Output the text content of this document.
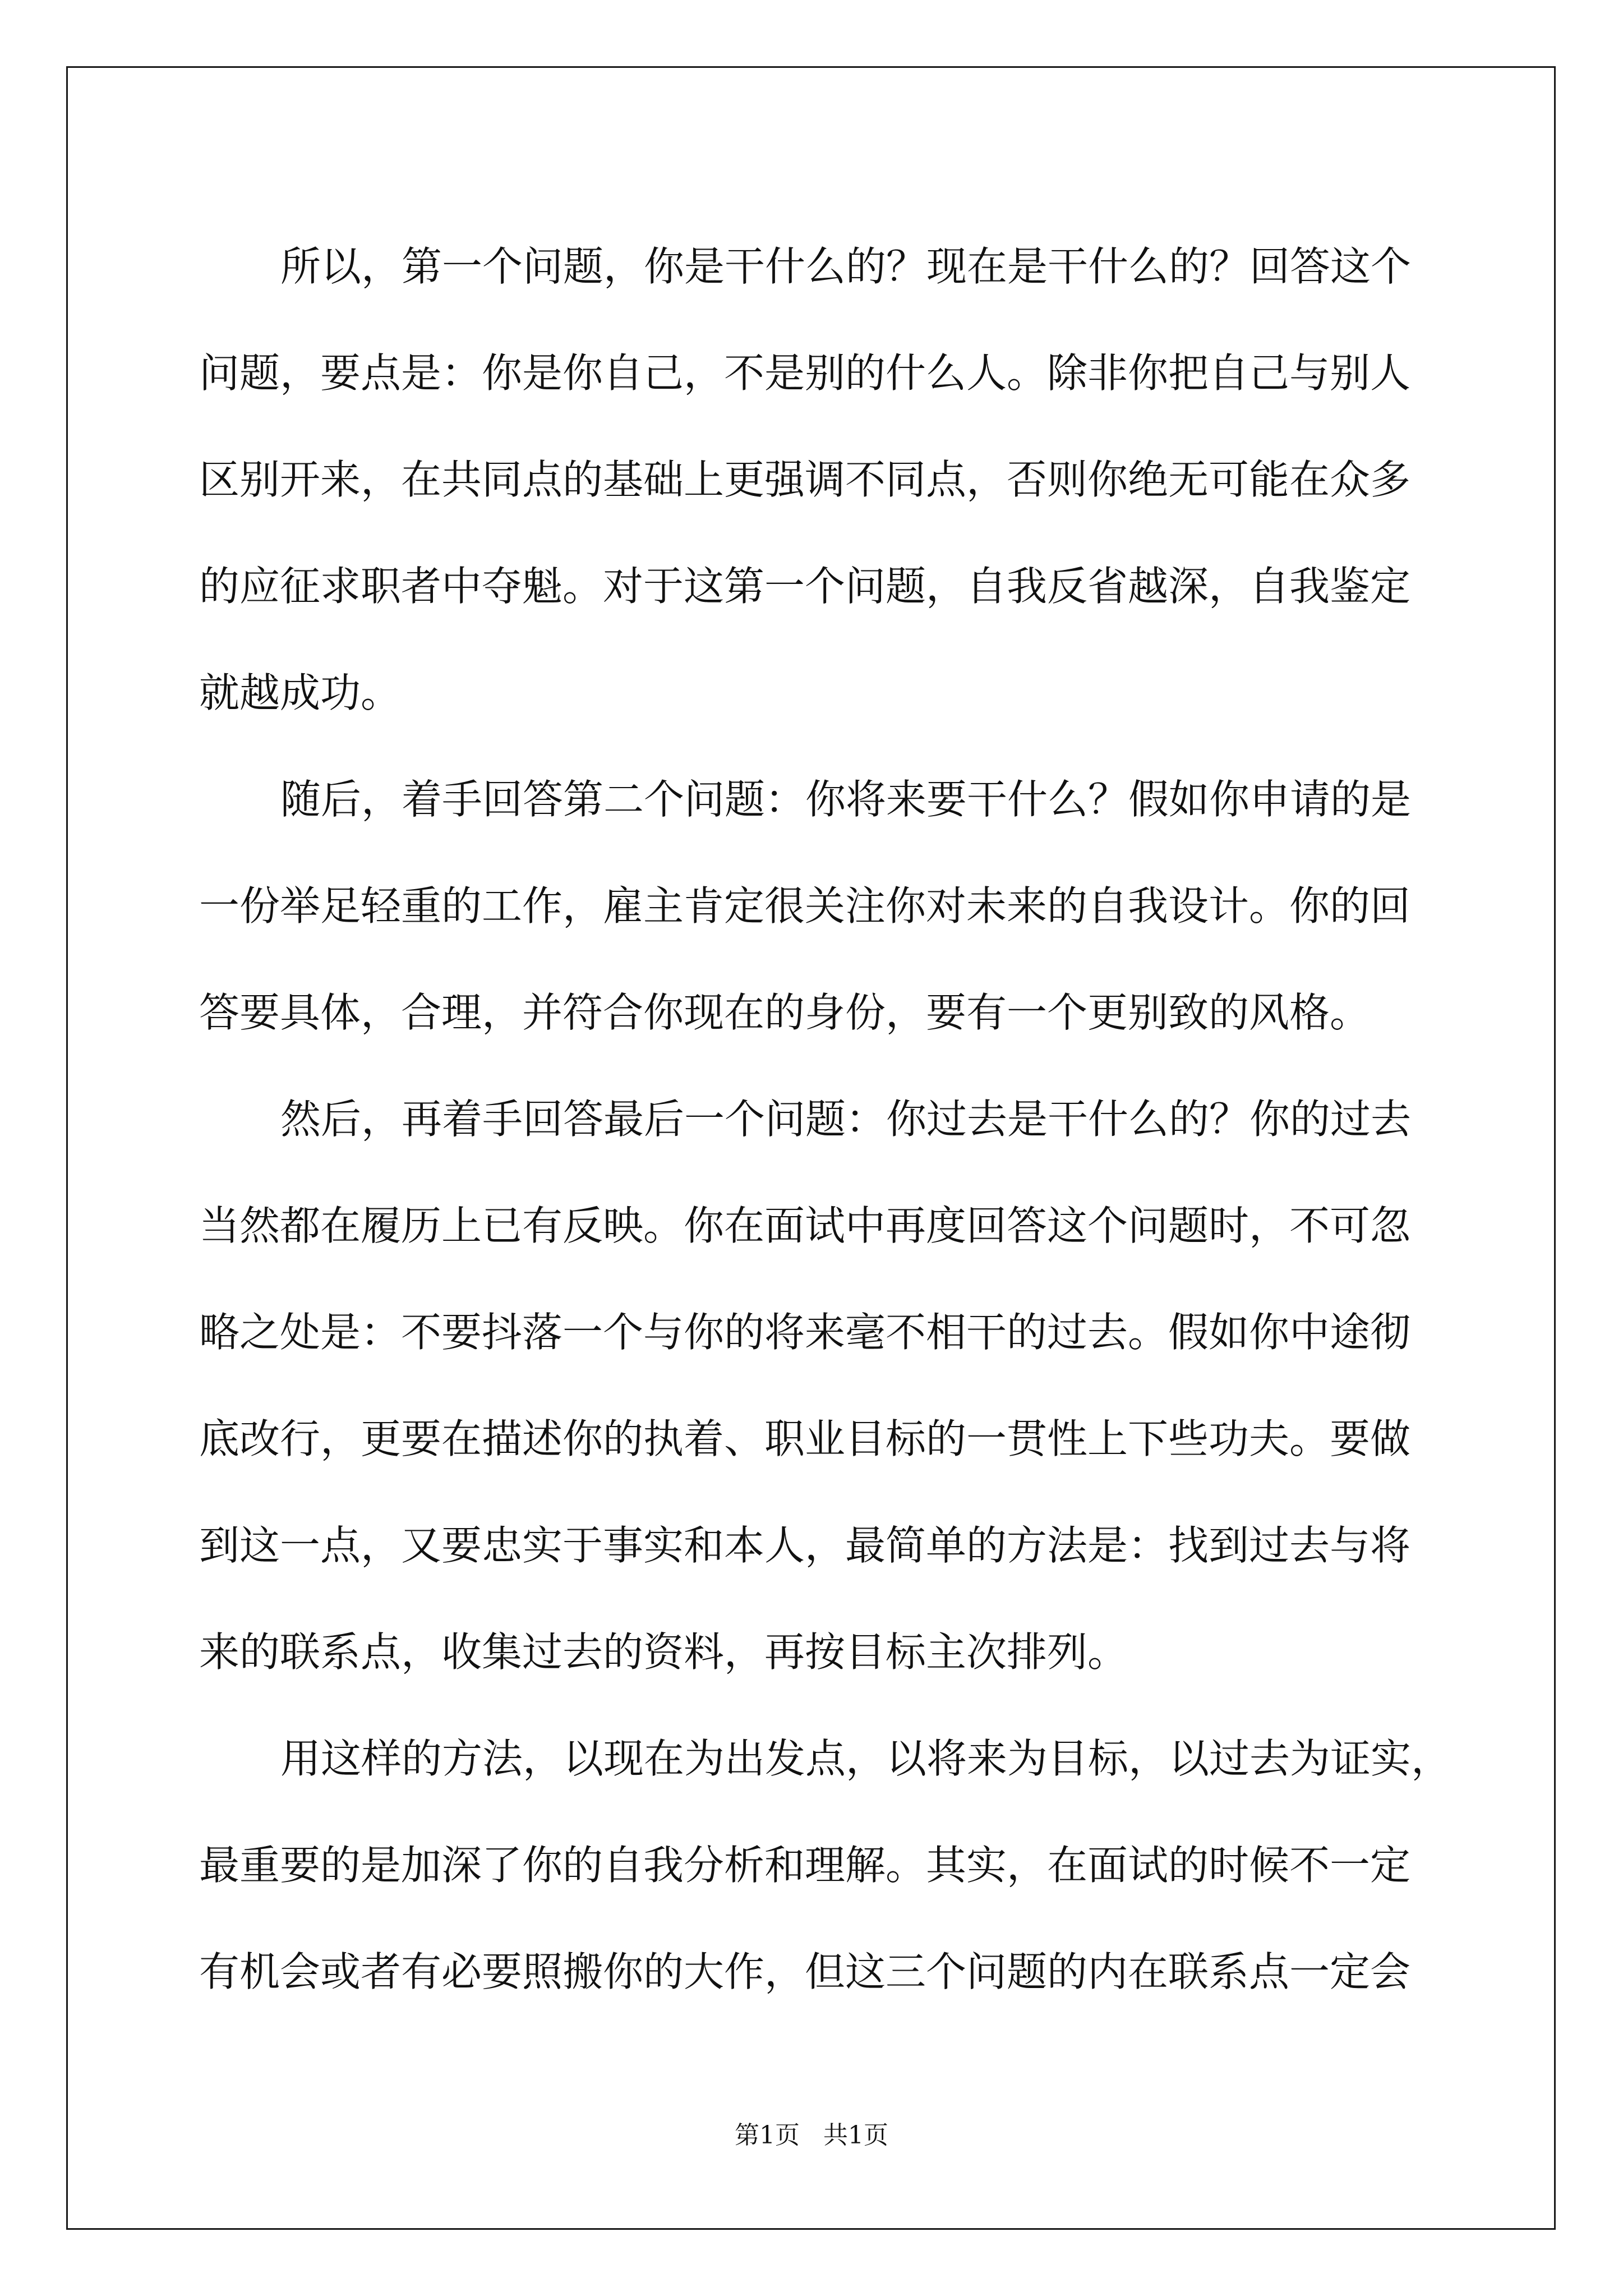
所以，第一个问题，你是干什么的？现在是干什么的？回答这个
问题，要点是：你是你自己，不是别的什么人。除非你把自己与别人
区别开来，在共同点的基础上更强调不同点，否则你绝无可能在众多
的应征求职者中夺魁。对于这第一个问题，自我反省越深，自我鉴定
就越成功。
随后，着手回答第二个问题：你将来要干什么？假如你申请的是
一份举足轻重的工作，雇主肯定很关注你对未来的自我设计。你的回
答要具体，合理，并符合你现在的身份，要有一个更别致的风格。
然后，再着手回答最后一个问题：你过去是干什么的？你的过去
当然都在履历上已有反映。你在面试中再度回答这个问题时，不可忽
略之处是：不要抖落一个与你的将来毫不相干的过去。假如你中途彻
底改行，更要在描述你的执着、职业目标的一贯性上下些功夫。要做
到这一点，又要忠实于事实和本人，最简单的方法是：找到过去与将
来的联系点，收集过去的资料，再按目标主次排列。
用这样的方法，以现在为出发点，以将来为目标，以过去为证实，
最重要的是加深了你的自我分析和理解。其实，在面试的时候不一定
有机会或者有必要照搬你的大作，但这三个问题的内在联系点一定会
第1页 共1页
